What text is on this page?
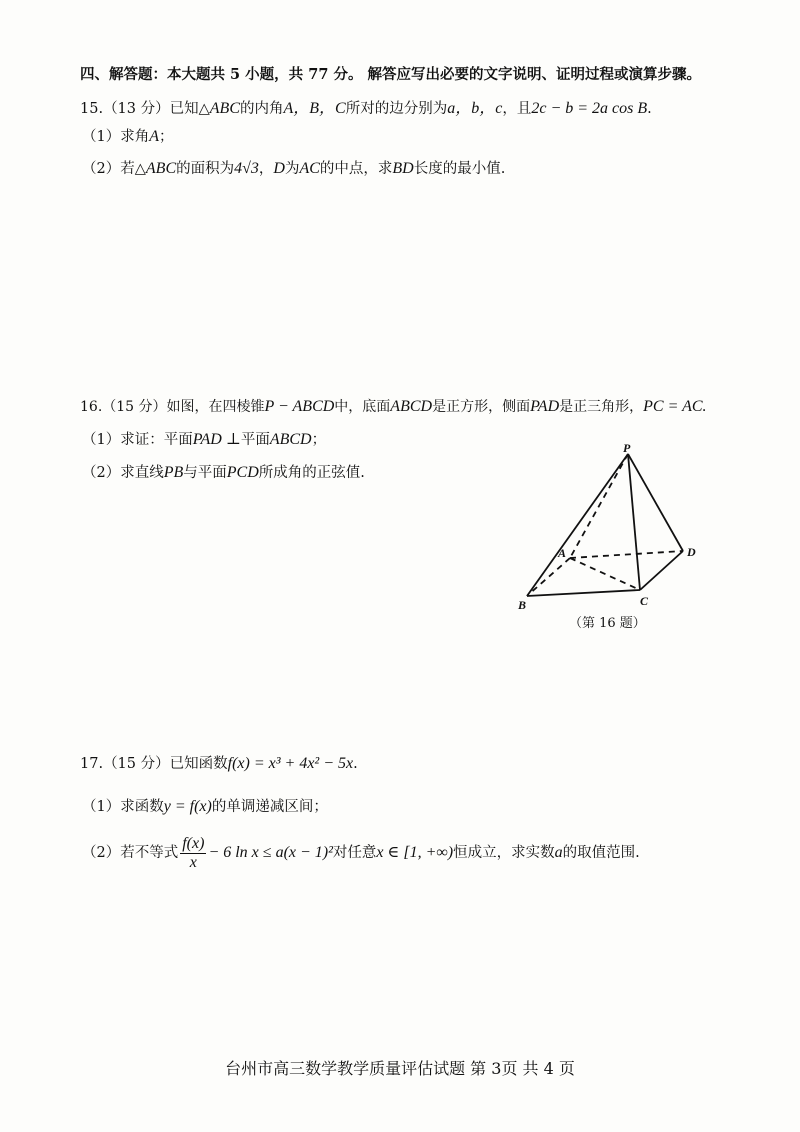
四、解答题：本大题共 5 小题，共 77 分。 解答应写出必要的文字说明、证明过程或演算步骤。
15.（13 分）已知△ABC的内角A，B，C所对的边分别为a，b，c，且2c − b = 2a cos B.
（1）求角A；
（2）若△ABC的面积为4√3，D为AC的中点，求BD长度的最小值.
16.（15 分）如图，在四棱锥P − ABCD中，底面ABCD是正方形，侧面PAD是正三角形，PC = AC.
（1）求证：平面PAD ⊥平面ABCD；
（2）求直线PB与平面PCD所成角的正弦值.
P
A
B	C
D
（第 16 题）
17.（15 分）已知函数f(x) = x³ + 4x² − 5x.
（1）求函数y = f(x)的单调递减区间；
（2）若不等式 $\frac{f(x)}{x} - 6$ ln x ≤ a(x − 1)²对任意x ∈ [1, +∞)恒成立，求实数a的取值范围.
台州市高三数学教学质量评估试题 第 3页 共 4 页
